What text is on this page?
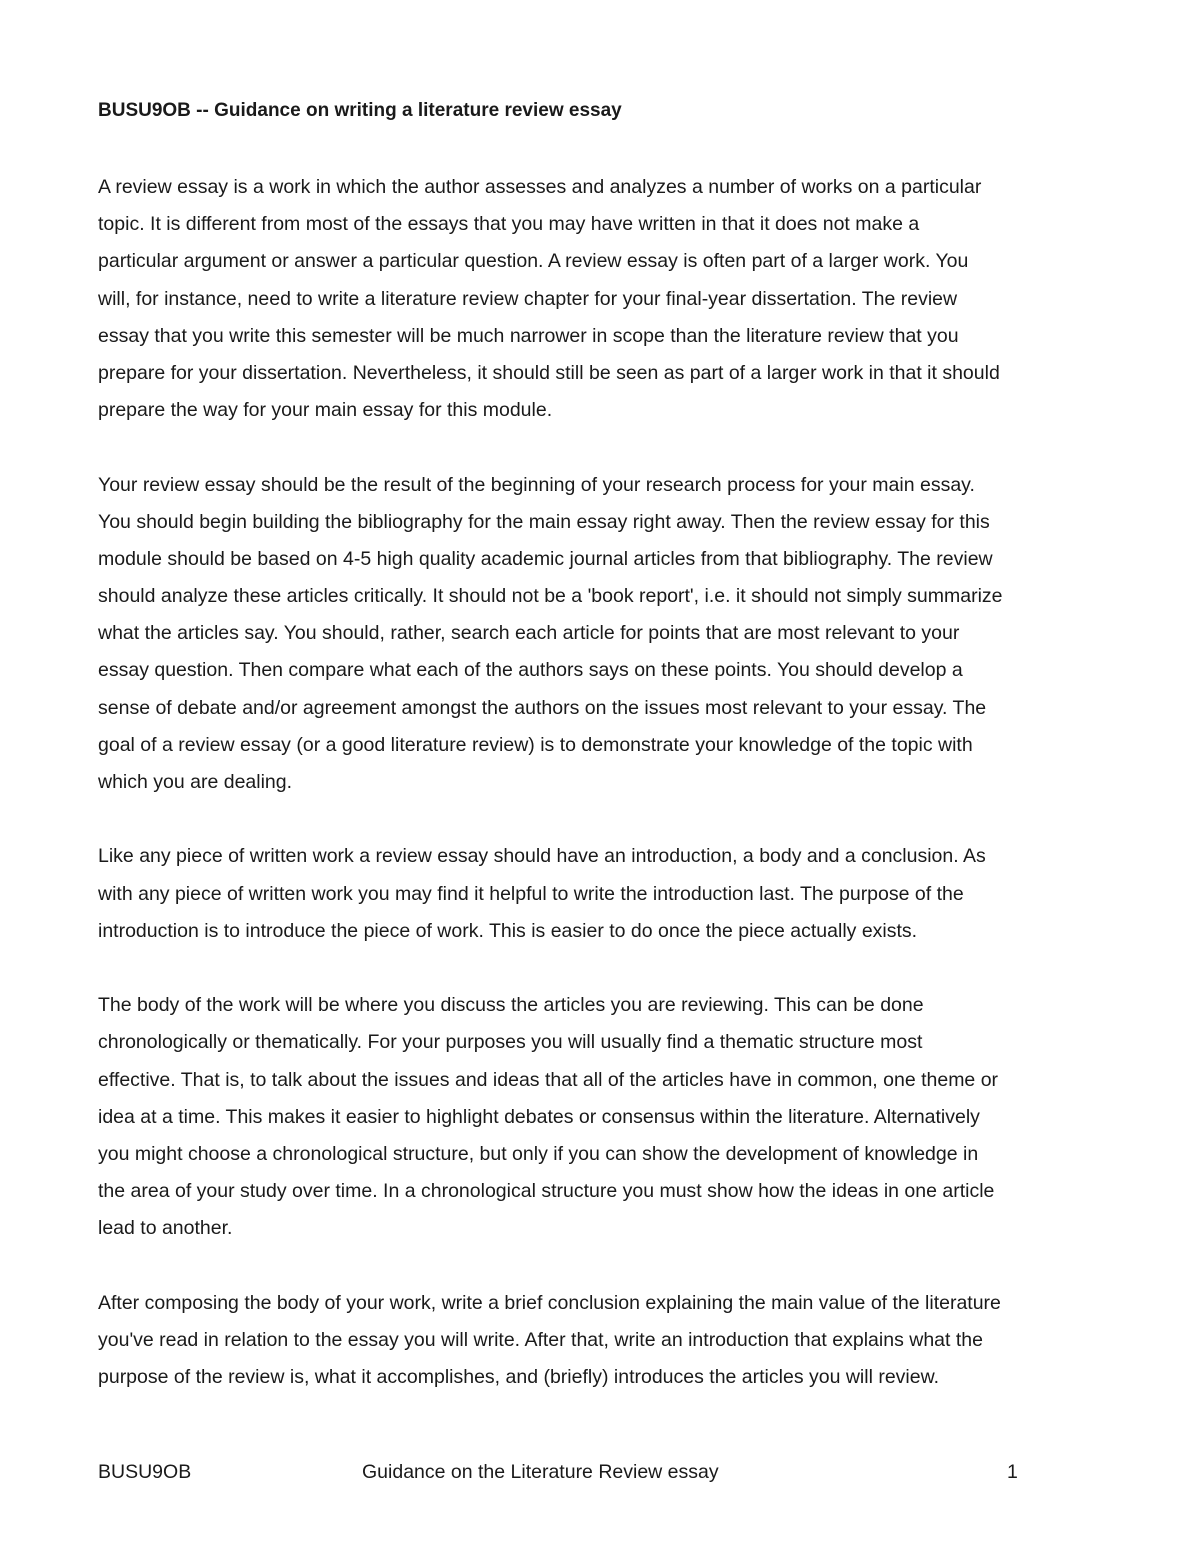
BUSU9OB -- Guidance on writing a literature review essay
A review essay is a work in which the author assesses and analyzes a number of works on a particular
topic. It is different from most of the essays that you may have written in that it does not make a
particular argument or answer a particular question. A review essay is often part of a larger work. You
will, for instance, need to write a literature review chapter for your final-year dissertation. The review
essay that you write this semester will be much narrower in scope than the literature review that you
prepare for your dissertation. Nevertheless, it should still be seen as part of a larger work in that it should
prepare the way for your main essay for this module.
Your review essay should be the result of the beginning of your research process for your main essay.
You should begin building the bibliography for the main essay right away. Then the review essay for this
module should be based on 4-5 high quality academic journal articles from that bibliography. The review
should analyze these articles critically. It should not be a 'book report', i.e. it should not simply summarize
what the articles say. You should, rather, search each article for points that are most relevant to your
essay question. Then compare what each of the authors says on these points. You should develop a
sense of debate and/or agreement amongst the authors on the issues most relevant to your essay. The
goal of a review essay (or a good literature review) is to demonstrate your knowledge of the topic with
which you are dealing.
Like any piece of written work a review essay should have an introduction, a body and a conclusion. As
with any piece of written work you may find it helpful to write the introduction last. The purpose of the
introduction is to introduce the piece of work. This is easier to do once the piece actually exists.
The body of the work will be where you discuss the articles you are reviewing. This can be done
chronologically or thematically. For your purposes you will usually find a thematic structure most
effective. That is, to talk about the issues and ideas that all of the articles have in common, one theme or
idea at a time. This makes it easier to highlight debates or consensus within the literature. Alternatively
you might choose a chronological structure, but only if you can show the development of knowledge in
the area of your study over time. In a chronological structure you must show how the ideas in one article
lead to another.
After composing the body of your work, write a brief conclusion explaining the main value of the literature
you've read in relation to the essay you will write. After that, write an introduction that explains what the
purpose of the review is, what it accomplishes, and (briefly) introduces the articles you will review.
BUSU9OB	Guidance on the Literature Review essay	1
